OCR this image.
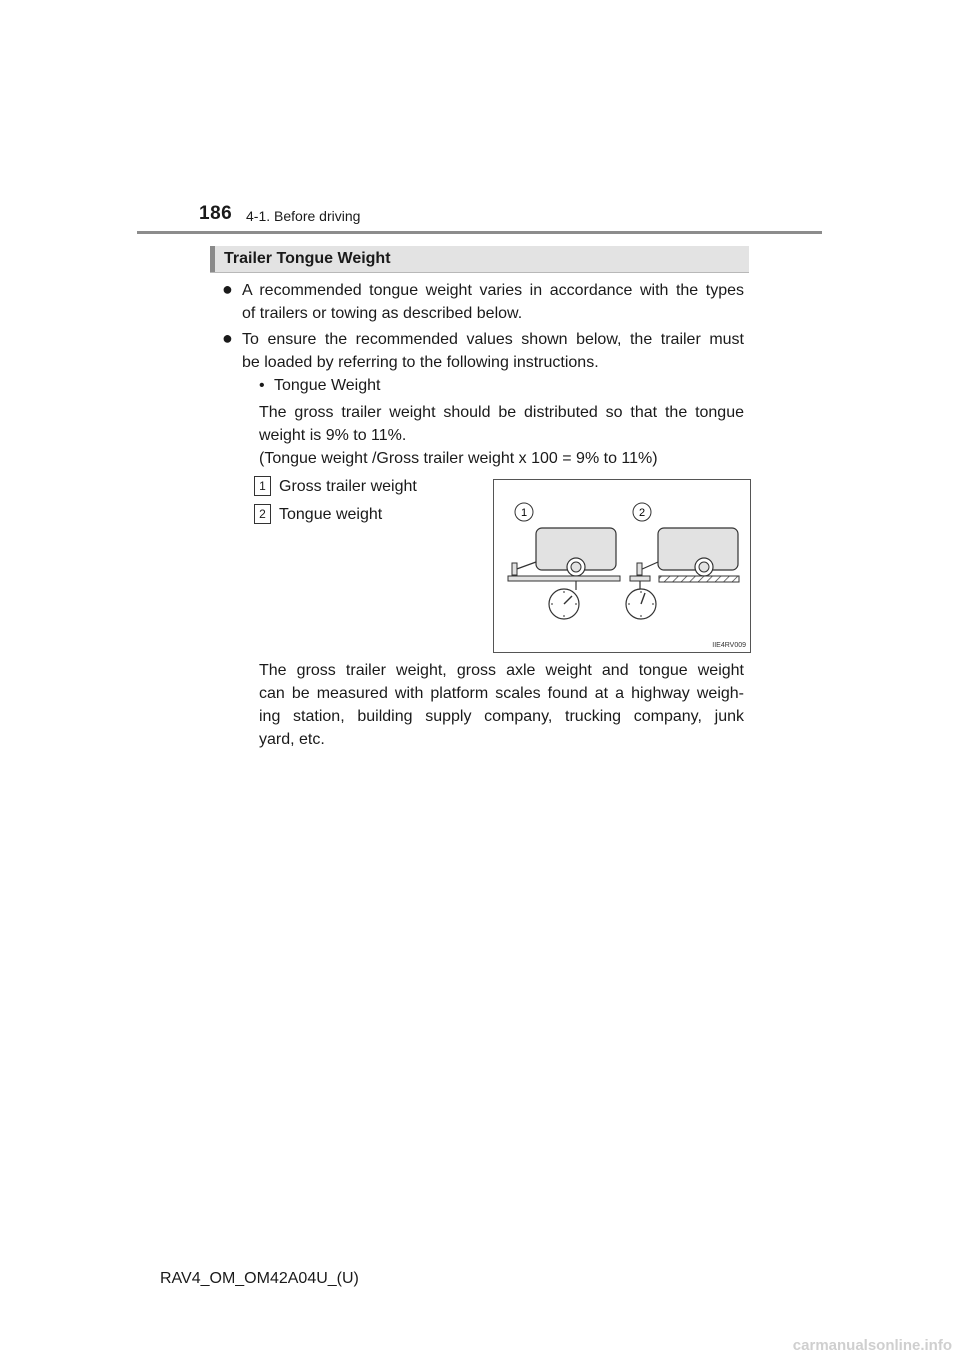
186 4-1. Before driving
Trailer Tongue Weight
● A recommended tongue weight varies in accordance with the types
of trailers or towing as described below.
● To ensure the recommended values shown below, the trailer must
be loaded by referring to the following instructions.
• Tongue Weight
The gross trailer weight should be distributed so that the tongue
weight is 9% to 11%.
(Tongue weight /Gross trailer weight x 100 = 9% to 11%)
1 Gross trailer weight
2 Tongue weight	1	2
IIE4RV009
The gross trailer weight, gross axle weight and tongue weight
can be measured with platform scales found at a highway weigh-
ing station, building supply company, trucking company, junk
yard, etc.
RAV4_OM_OM42A04U_(U)
carmanualsonline.info
